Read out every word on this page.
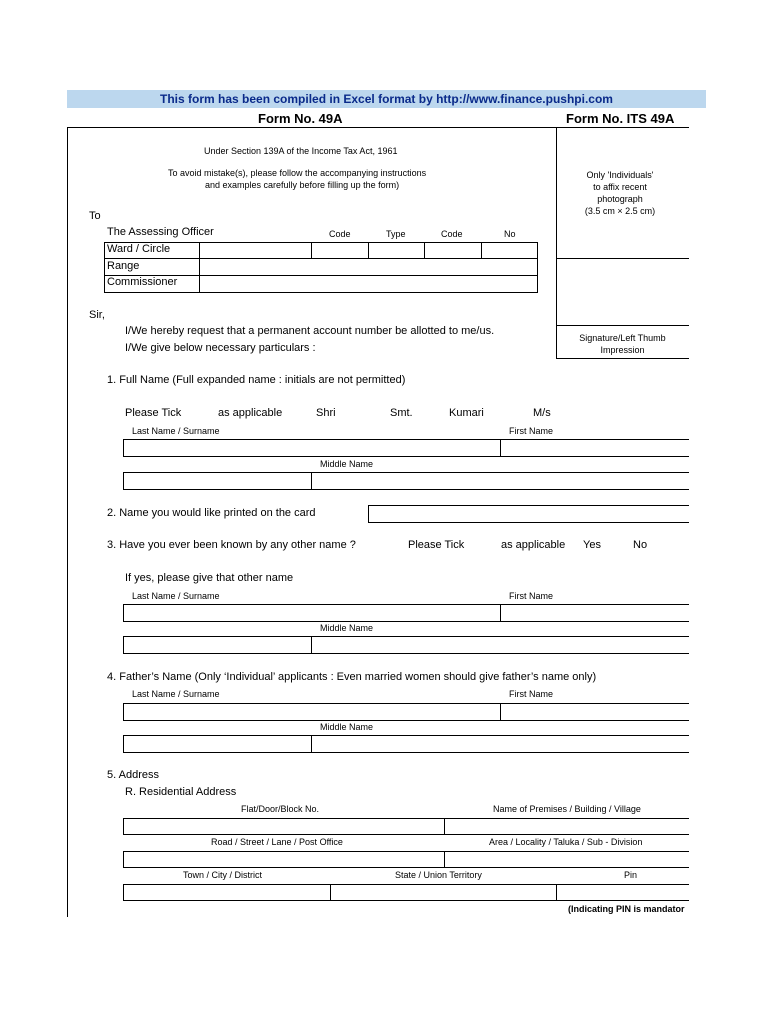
This form has been compiled in Excel format by http://www.finance.pushpi.com
Form No. 49A	Form No. ITS 49A
Only 'Individuals'
to affix recent
photograph
(3.5 cm × 2.5 cm)
Signature/Left Thumb
Impression
Under Section 139A of the Income Tax Act, 1961
To avoid mistake(s), please follow the accompanying instructions
and examples carefully before filling up the form)
To
The Assessing Officer	Code	Type	Code	No
Ward / Circle
Range
Commissioner
Sir,
I/We hereby request that a permanent account number be allotted to me/us.
I/We give below necessary particulars :
1. Full Name (Full expanded name : initials are not permitted)
Please Tick	as applicable	Shri	Smt.	Kumari	M/s
Last Name / Surname	First Name
Middle Name
2. Name you would like printed on the card
3. Have you ever been known by any other name ?	Please Tick	as applicable Yes	No
If yes, please give that other name
Last Name / Surname	First Name
Middle Name
4. Father’s Name (Only ‘Individual’ applicants : Even married women should give father’s name only)
Last Name / Surname	First Name
Middle Name
5. Address
R. Residential Address
Flat/Door/Block No.	Name of Premises / Building / Village
Road / Street / Lane / Post Office	Area / Locality / Taluka / Sub - Division
Town / City / District	State / Union Territory	Pin
(Indicating PIN is mandator
